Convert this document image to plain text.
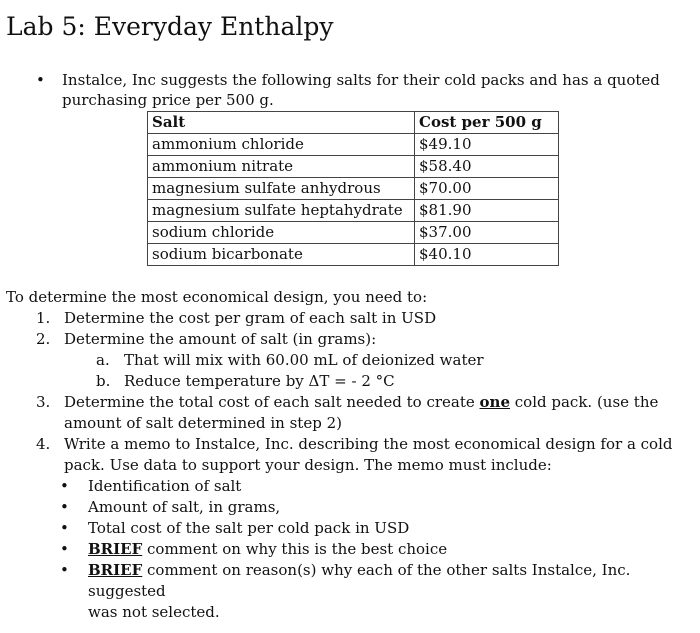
Lab 5: Everyday Enthalpy
• Instalce, Inc suggests the following salts for their cold packs and has a quoted
purchasing price per 500 g.
Salt	Cost per 500 g
ammonium chloride	$49.10
ammonium nitrate	$58.40
magnesium sulfate anhydrous	$70.00
magnesium sulfate heptahydrate	$81.90
sodium chloride	$37.00
sodium bicarbonate	$40.10
To determine the most economical design, you need to:
1. Determine the cost per gram of each salt in USD
2. Determine the amount of salt (in grams):
a. That will mix with 60.00 mL of deionized water
b. Reduce temperature by ΔT = - 2 °C
3. Determine the total cost of each salt needed to create one cold pack. (use the
amount of salt determined in step 2)
4. Write a memo to Instalce, Inc. describing the most economical design for a cold
pack. Use data to support your design. The memo must include:
• Identification of salt
• Amount of salt, in grams,
• Total cost of the salt per cold pack in USD
• BRIEF comment on why this is the best choice
• BRIEF comment on reason(s) why each of the other salts Instalce, Inc. suggested
was not selected.
